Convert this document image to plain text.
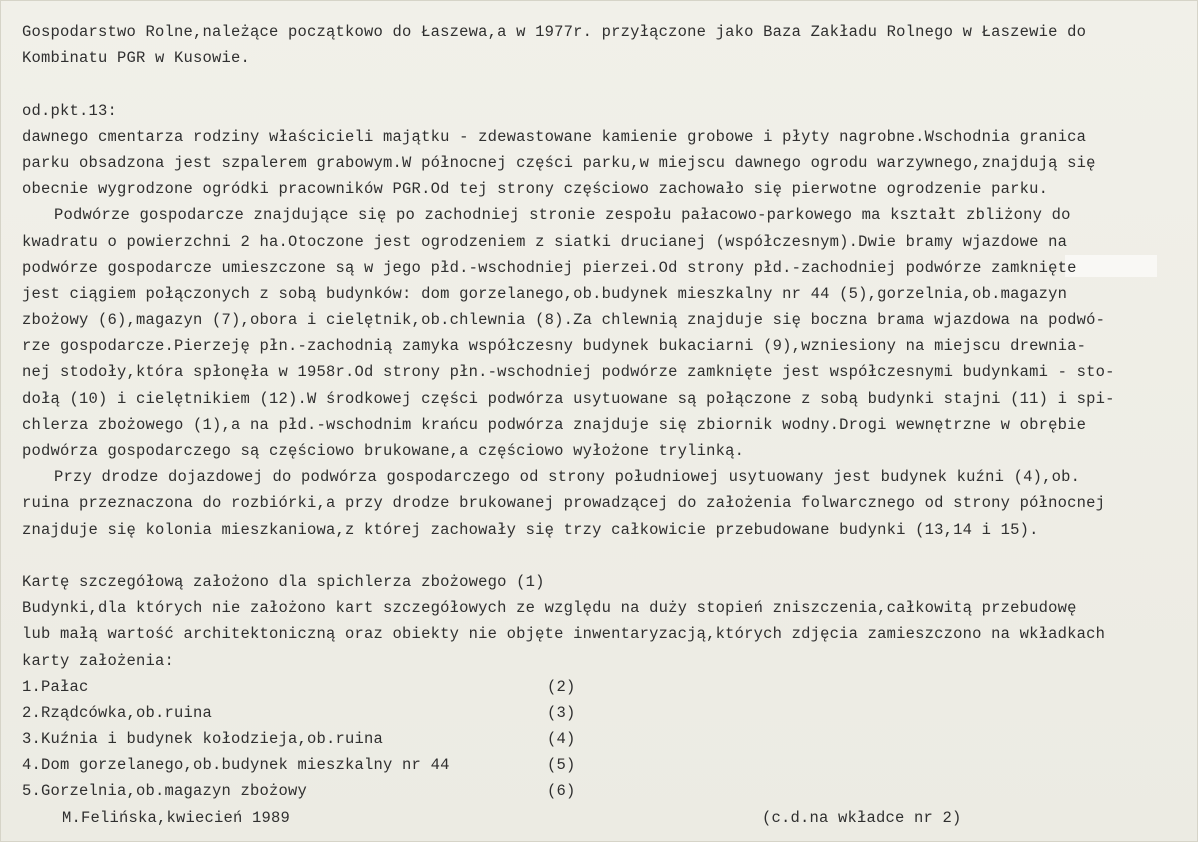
Gospodarstwo Rolne,należące początkowo do Łaszewa,a w 1977r. przyłączone jako Baza Zakładu Rolnego w Łaszewie do
Kombinatu PGR w Kusowie.
od.pkt.13:
dawnego cmentarza rodziny właścicieli majątku - zdewastowane kamienie grobowe i płyty nagrobne.Wschodnia granica
parku obsadzona jest szpalerem grabowym.W północnej części parku,w miejscu dawnego ogrodu warzywnego,znajdują się
obecnie wygrodzone ogródki pracowników PGR.Od tej strony częściowo zachowało się pierwotne ogrodzenie parku.
Podwórze gospodarcze znajdujące się po zachodniej stronie zespołu pałacowo-parkowego ma kształt zbliżony do
kwadratu o powierzchni 2 ha.Otoczone jest ogrodzeniem z siatki drucianej (współczesnym).Dwie bramy wjazdowe na
podwórze gospodarcze umieszczone są w jego płd.-wschodniej pierzei.Od strony płd.-zachodniej podwórze zamknięte
jest ciągiem połączonych z sobą budynków: dom gorzelanego,ob.budynek mieszkalny nr 44 (5),gorzelnia,ob.magazyn
zbożowy (6),magazyn (7),obora i cielętnik,ob.chlewnia (8).Za chlewnią znajduje się boczna brama wjazdowa na podwó-
rze gospodarcze.Pierzeję płn.-zachodnią zamyka współczesny budynek bukaciarni (9),wzniesiony na miejscu drewnia-
nej stodoły,która spłonęła w 1958r.Od strony płn.-wschodniej podwórze zamknięte jest współczesnymi budynkami - sto-
dołą (10) i cielętnikiem (12).W środkowej części podwórza usytuowane są połączone z sobą budynki stajni (11) i spi-
chlerza zbożowego (1),a na płd.-wschodnim krańcu podwórza znajduje się zbiornik wodny.Drogi wewnętrzne w obrębie
podwórza gospodarczego są częściowo brukowane,a częściowo wyłożone trylinką.
Przy drodze dojazdowej do podwórza gospodarczego od strony południowej usytuowany jest budynek kuźni (4),ob.
ruina przeznaczona do rozbiórki,a przy drodze brukowanej prowadzącej do założenia folwarcznego od strony północnej
znajduje się kolonia mieszkaniowa,z której zachowały się trzy całkowicie przebudowane budynki (13,14 i 15).
Kartę szczegółową założono dla spichlerza zbożowego (1)
Budynki,dla których nie założono kart szczegółowych ze względu na duży stopień zniszczenia,całkowitą przebudowę
lub małą wartość architektoniczną oraz obiekty nie objęte inwentaryzacją,których zdjęcia zamieszczono na wkładkach
karty założenia:
1.Pałac	(2)
2.Rządcówka,ob.ruina	(3)
3.Kuźnia i budynek kołodzieja,ob.ruina	(4)
4.Dom gorzelanego,ob.budynek mieszkalny nr 44	(5)
5.Gorzelnia,ob.magazyn zbożowy	(6)
M.Felińska,kwiecień 1989	(c.d.na wkładce nr 2)
